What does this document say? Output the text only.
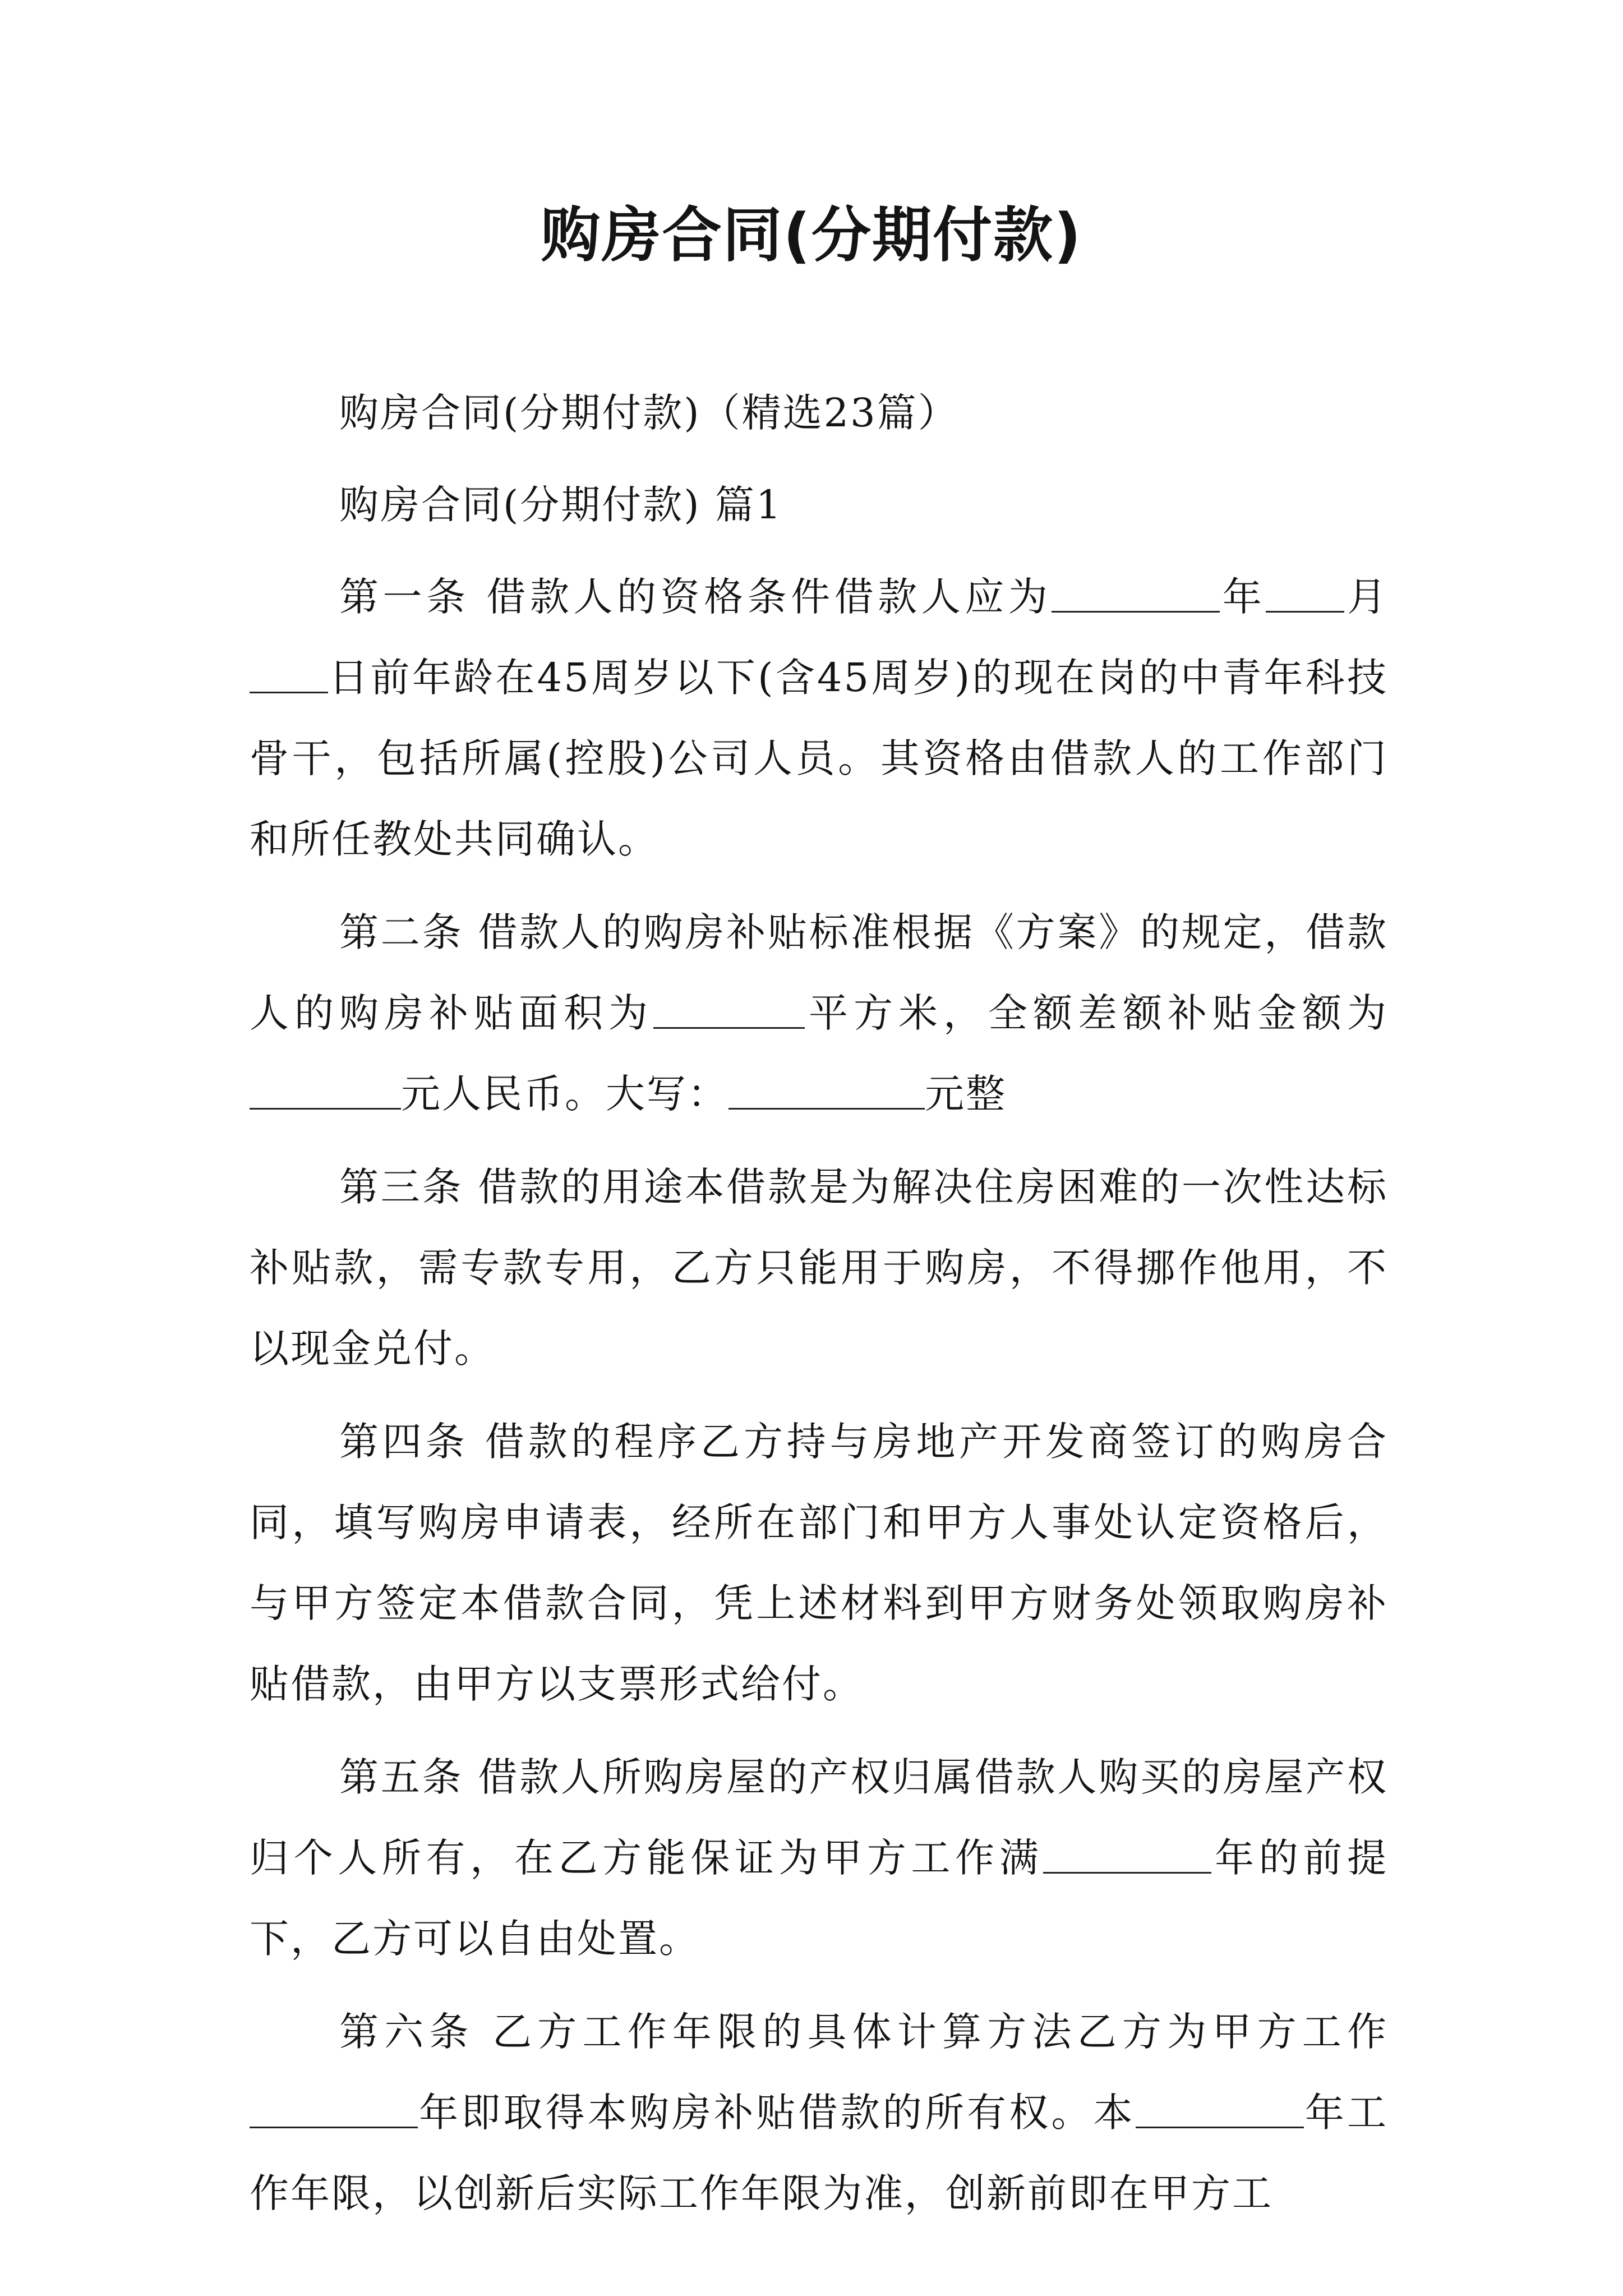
购房合同(分期付款)

购房合同(分期付款)（精选23篇）

购房合同(分期付款) 篇1

第一条 借款人的资格条件借款人应为	年 月日前年龄在45周岁以下(含45周岁)的现在岗的中青年科技骨干，包括所属(控股)公司人员。其资格由借款人的工作部门和所任教处共同确认。

第二条 借款人的购房补贴标准根据《方案》的规定，借款人的购房补贴面积为	平方米，全额差额补贴金额为元人民币。大写：	元整

第三条 借款的用途本借款是为解决住房困难的一次性达标补贴款，需专款专用，乙方只能用于购房，不得挪作他用，不以现金兑付。

第四条 借款的程序乙方持与房地产开发商签订的购房合同，填写购房申请表，经所在部门和甲方人事处认定资格后，与甲方签定本借款合同，凭上述材料到甲方财务处领取购房补贴借款，由甲方以支票形式给付。

第五条 借款人所购房屋的产权归属借款人购买的房屋产权归个人所有，在乙方能保证为甲方工作满	年的前提下，乙方可以自由处置。

第六条 乙方工作年限的具体计算方法乙方为甲方工作年即取得本购房补贴借款的所有权。本	年工作年限，以创新后实际工作年限为准，创新前即在甲方工
